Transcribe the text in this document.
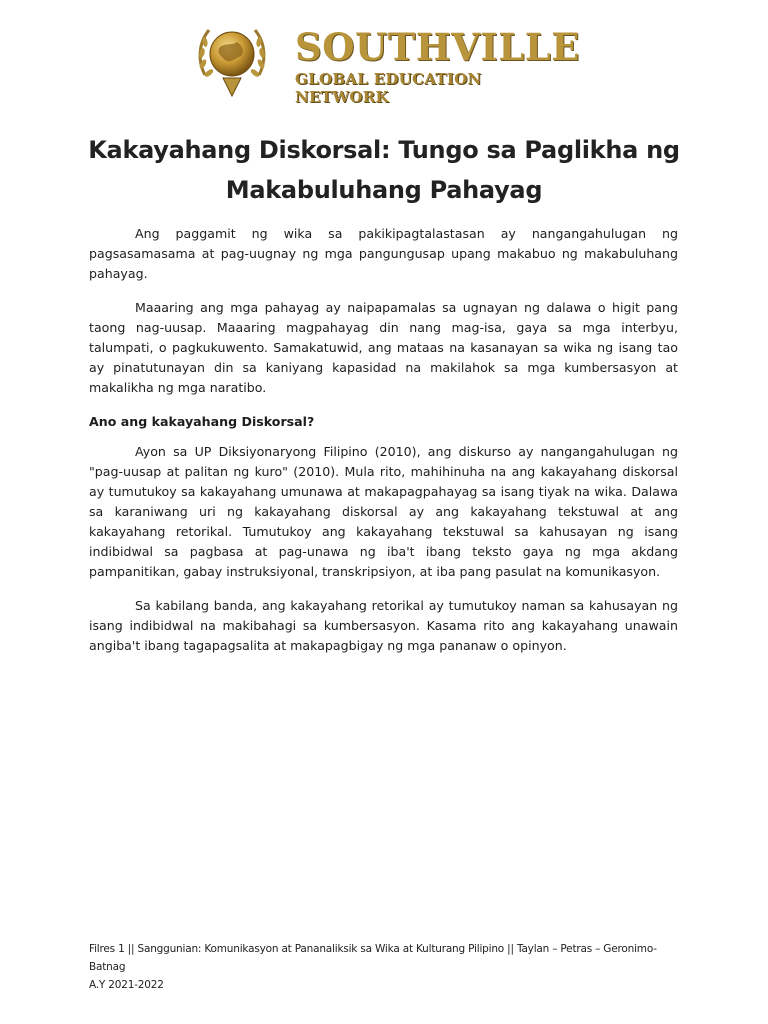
SOUTHVILLE
GLOBAL EDUCATION NETWORK
Kakayahang Diskorsal: Tungo sa Paglikha ng Makabuluhang Pahayag

Ang paggamit ng wika sa pakikipagtalastasan ay nangangahulugan ng pagsasamasama at pag-uugnay ng mga pangungusap upang makabuo ng makabuluhang pahayag.

Maaaring ang mga pahayag ay naipapamalas sa ugnayan ng dalawa o higit pang taong nag-uusap. Maaaring magpahayag din nang mag-isa, gaya sa mga interbyu, talumpati, o pagkukuwento. Samakatuwid, ang mataas na kasanayan sa wika ng isang tao ay pinatutunayan din sa kaniyang kapasidad na makilahok sa mga kumbersasyon at makalikha ng mga naratibo.

Ano ang kakayahang Diskorsal?

Ayon sa UP Diksiyonaryong Filipino (2010), ang diskurso ay nangangahulugan ng "pag-uusap at palitan ng kuro" (2010). Mula rito, mahihinuha na ang kakayahang diskorsal ay tumutukoy sa kakayahang umunawa at makapagpahayag sa isang tiyak na wika. Dalawa sa karaniwang uri ng kakayahang diskorsal ay ang kakayahang tekstuwal at ang kakayahang retorikal. Tumutukoy ang kakayahang tekstuwal sa kahusayan ng isang indibidwal sa pagbasa at pag-unawa ng iba't ibang teksto gaya ng mga akdang pampanitikan, gabay instruksiyonal, transkripsiyon, at iba pang pasulat na komunikasyon.

Sa kabilang banda, ang kakayahang retorikal ay tumutukoy naman sa kahusayan ng isang indibidwal na makibahagi sa kumbersasyon. Kasama rito ang kakayahang unawain angiba't ibang tagapagsalita at makapagbigay ng mga pananaw o opinyon.

Filres 1 || Sanggunian: Komunikasyon at Pananaliksik sa Wika at Kulturang Pilipino || Taylan – Petras – Geronimo- Batnag
A.Y 2021-2022
